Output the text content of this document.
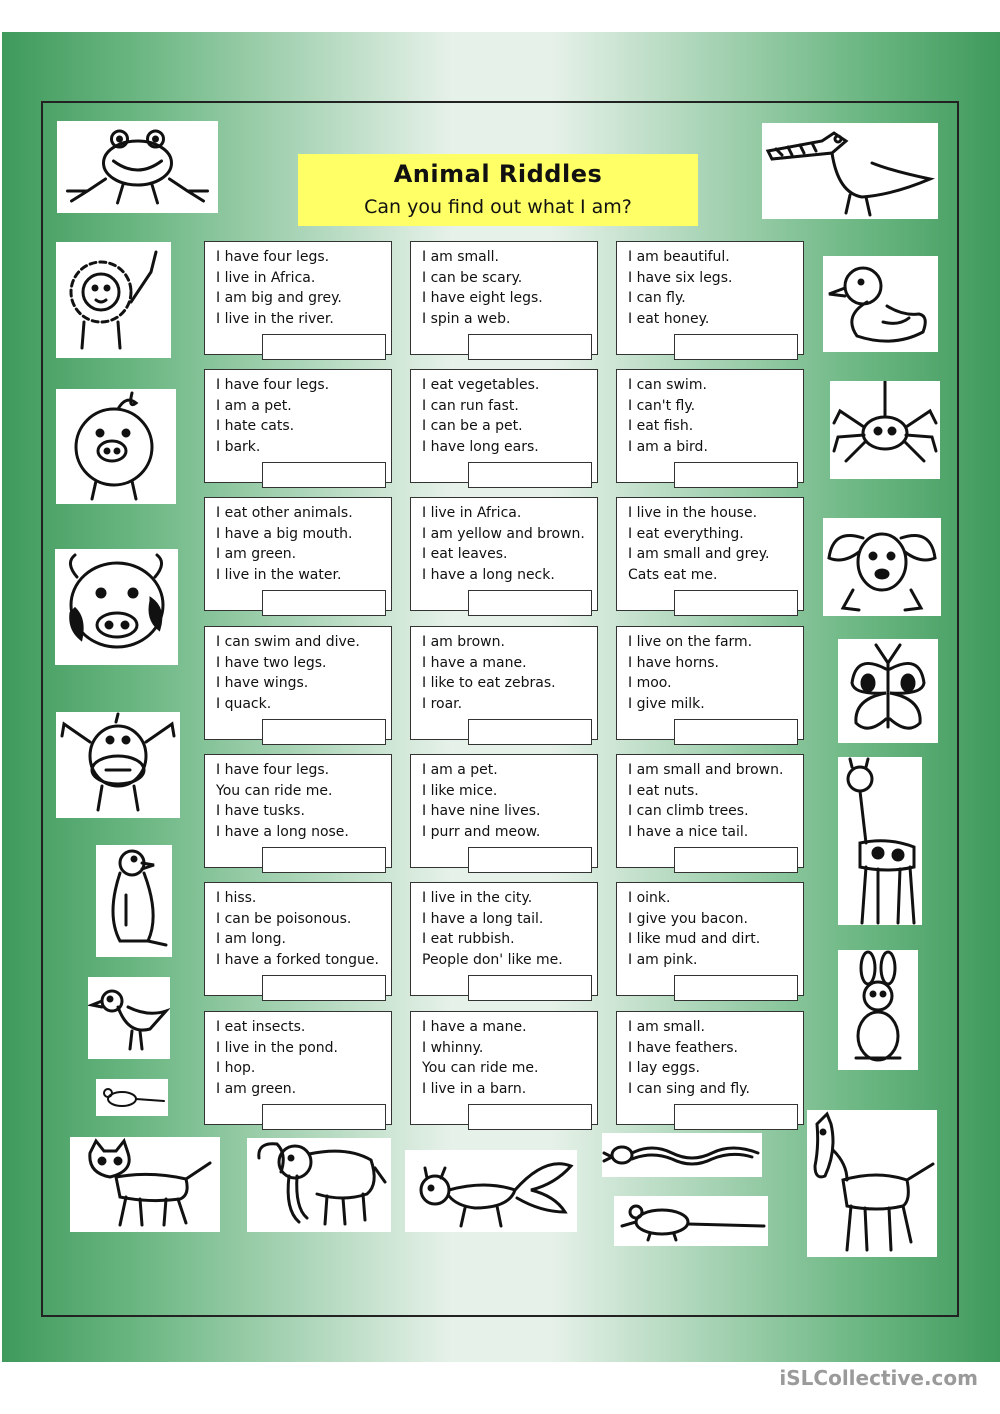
Animal Riddles
Can you find out what I am?
I have four legs.
I live in Africa.
I am big and grey.
I live in the river.
I am small.
I can be scary.
I have eight legs.
I spin a web.
I am beautiful.
I have six legs.
I can fly.
I eat honey.
I have four legs.
I am a pet.
I hate cats.
I bark.
I eat vegetables.
I can run fast.
I can be a pet.
I have long ears.
I can swim.
I can't fly.
I eat fish.
I am a bird.
I eat other animals.
I have a big mouth.
I am green.
I live in the water.
I live in Africa.
I am yellow and brown.
I eat leaves.
I have a long neck.
I live in the house.
I eat everything.
I am small and grey.
Cats eat me.
I can swim and dive.
I have two legs.
I have wings.
I quack.
I am brown.
I have a mane.
I like to eat zebras.
I roar.
I live on the farm.
I have horns.
I moo.
I give milk.
I have four legs.
You can ride me.
I have tusks.
I have a long nose.
I am a pet.
I like mice.
I have nine lives.
I purr and meow.
I am small and brown.
I eat nuts.
I can climb trees.
I have a nice tail.
I hiss.
I can be poisonous.
I am long.
I have a forked tongue.
I live in the city.
I have a long tail.
I eat rubbish.
People don' like me.
I oink.
I give you bacon.
I like mud and dirt.
I am pink.
I eat insects.
I live in the pond.
I hop.
I am green.
I have a mane.
I whinny.
You can ride me.
I live in a barn.
I am small.
I have feathers.
I lay eggs.
I can sing and fly.
iSLCollective.com
